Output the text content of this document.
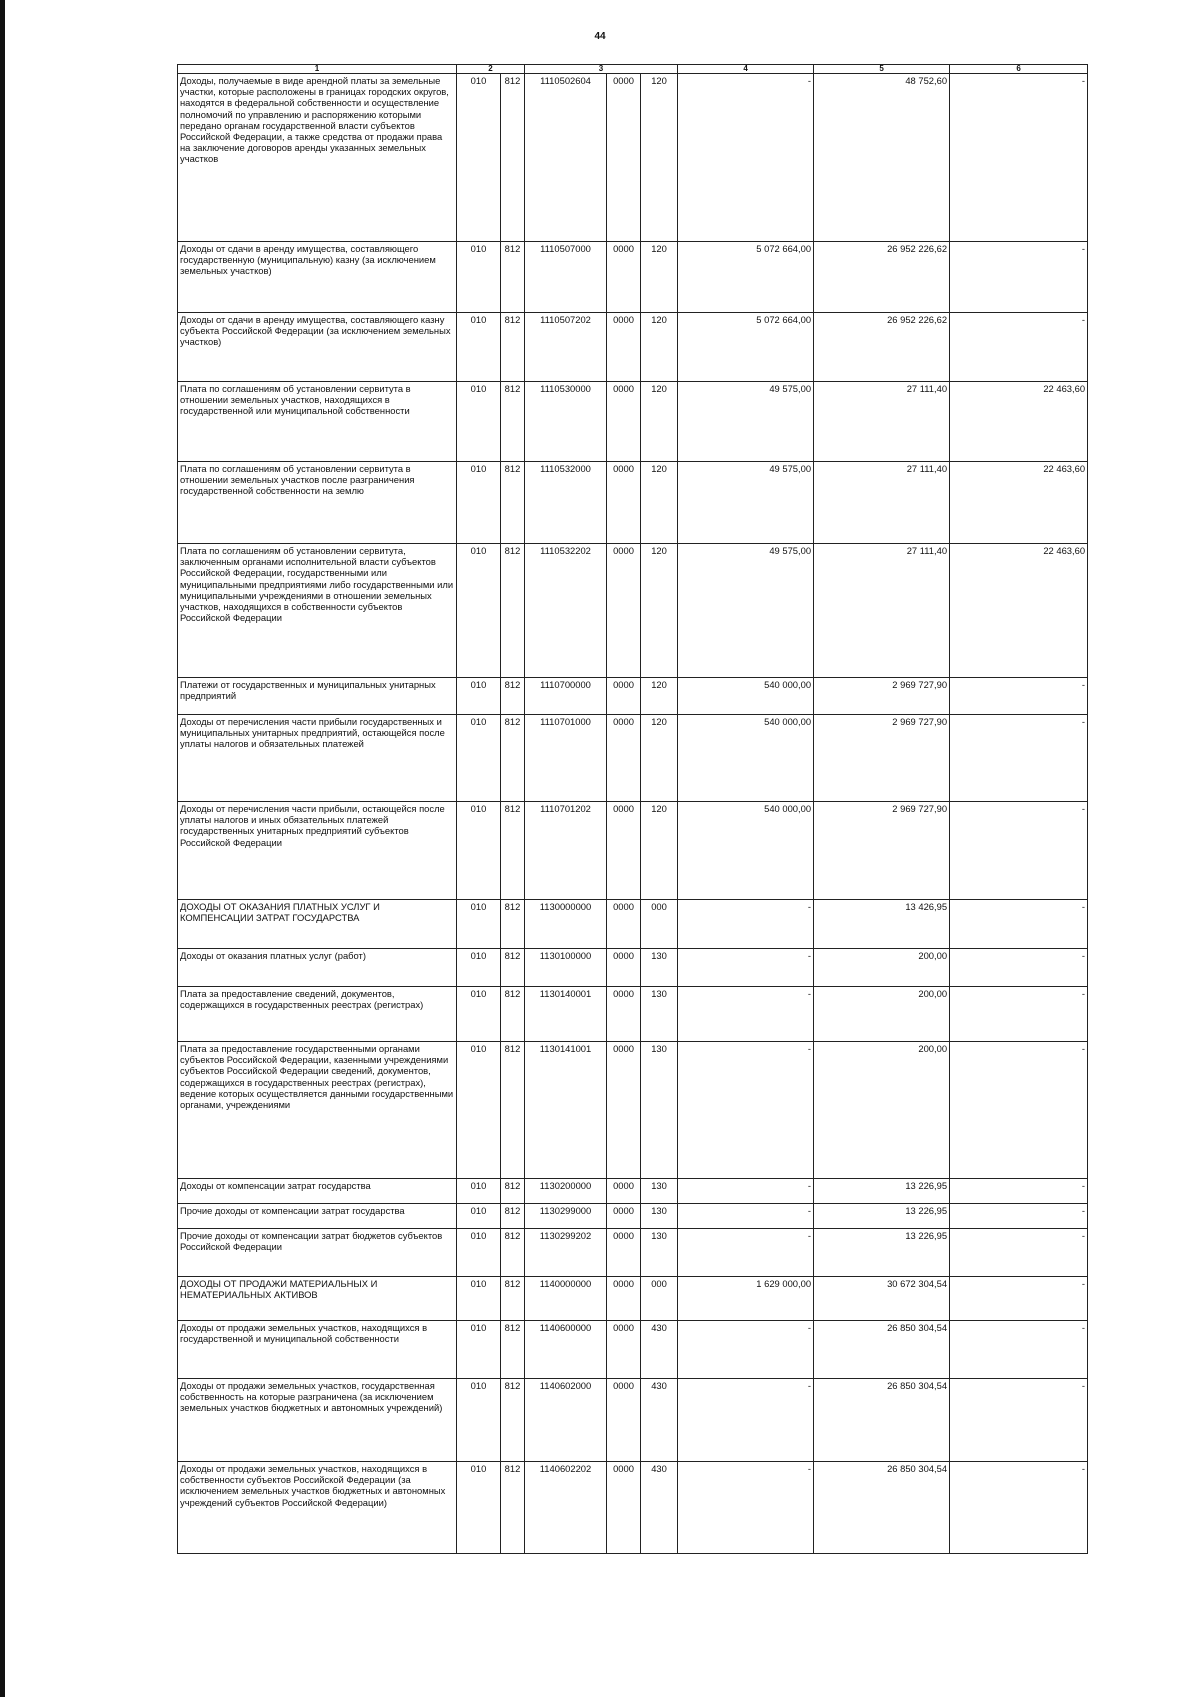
44
1	2		3			4	5	6
Доходы, получаемые в виде арендной платы за земельные участки, которые расположены в границах городских округов, находятся в федеральной собственности и осуществление полномочий по управлению и распоряжению которыми передано органам государственной власти субъектов Российской Федерации, а также средства от продажи права на заключение договоров аренды указанных земельных участков	010	812	1110502604	0000	120	-	48 752,60	-
Доходы от сдачи в аренду имущества, составляющего государственную (муниципальную) казну (за исключением земельных участков)	010	812	1110507000	0000	120	5 072 664,00	26 952 226,62	-
Доходы от сдачи в аренду имущества, составляющего казну субъекта Российской Федерации (за исключением земельных участков)	010	812	1110507202	0000	120	5 072 664,00	26 952 226,62	-
Плата по соглашениям об установлении сервитута в отношении земельных участков, находящихся в государственной или муниципальной собственности	010	812	1110530000	0000	120	49 575,00	27 111,40	22 463,60
Плата по соглашениям об установлении сервитута в отношении земельных участков после разграничения государственной собственности на землю	010	812	1110532000	0000	120	49 575,00	27 111,40	22 463,60
Плата по соглашениям об установлении сервитута, заключенным органами исполнительной власти субъектов Российской Федерации, государственными или муниципальными предприятиями либо государственными или муниципальными учреждениями в отношении земельных участков, находящихся в собственности субъектов Российской Федерации	010	812	1110532202	0000	120	49 575,00	27 111,40	22 463,60
Платежи от государственных и муниципальных унитарных предприятий	010	812	1110700000	0000	120	540 000,00	2 969 727,90	-
Доходы от перечисления части прибыли государственных и муниципальных унитарных предприятий, остающейся после уплаты налогов и обязательных платежей	010	812	1110701000	0000	120	540 000,00	2 969 727,90	-
Доходы от перечисления части прибыли, остающейся после уплаты налогов и иных обязательных платежей государственных унитарных предприятий субъектов Российской Федерации	010	812	1110701202	0000	120	540 000,00	2 969 727,90	-
ДОХОДЫ ОТ ОКАЗАНИЯ ПЛАТНЫХ УСЛУГ И КОМПЕНСАЦИИ ЗАТРАТ ГОСУДАРСТВА	010	812	1130000000	0000	000	-	13 426,95	-
Доходы от оказания платных услуг (работ)	010	812	1130100000	0000	130	-	200,00	-
Плата за предоставление сведений, документов, содержащихся в государственных реестрах (регистрах)	010	812	1130140001	0000	130	-	200,00	-
Плата за предоставление государственными органами субъектов Российской Федерации, казенными учреждениями субъектов Российской Федерации сведений, документов, содержащихся в государственных реестрах (регистрах), ведение которых осуществляется данными государственными органами, учреждениями	010	812	1130141001	0000	130	-	200,00	-
Доходы от компенсации затрат государства	010	812	1130200000	0000	130	-	13 226,95	-
Прочие доходы от компенсации затрат государства	010	812	1130299000	0000	130	-	13 226,95	-
Прочие доходы от компенсации затрат бюджетов субъектов Российской Федерации	010	812	1130299202	0000	130	-	13 226,95	-
ДОХОДЫ ОТ ПРОДАЖИ МАТЕРИАЛЬНЫХ И НЕМАТЕРИАЛЬНЫХ АКТИВОВ	010	812	1140000000	0000	000	1 629 000,00	30 672 304,54	-
Доходы от продажи земельных участков, находящихся в государственной и муниципальной собственности	010	812	1140600000	0000	430	-	26 850 304,54	-
Доходы от продажи земельных участков, государственная собственность на которые разграничена (за исключением земельных участков бюджетных и автономных учреждений)	010	812	1140602000	0000	430	-	26 850 304,54	-
Доходы от продажи земельных участков, находящихся в собственности субъектов Российской Федерации (за исключением земельных участков бюджетных и автономных учреждений субъектов Российской Федерации)	010	812	1140602202	0000	430	-	26 850 304,54	-
